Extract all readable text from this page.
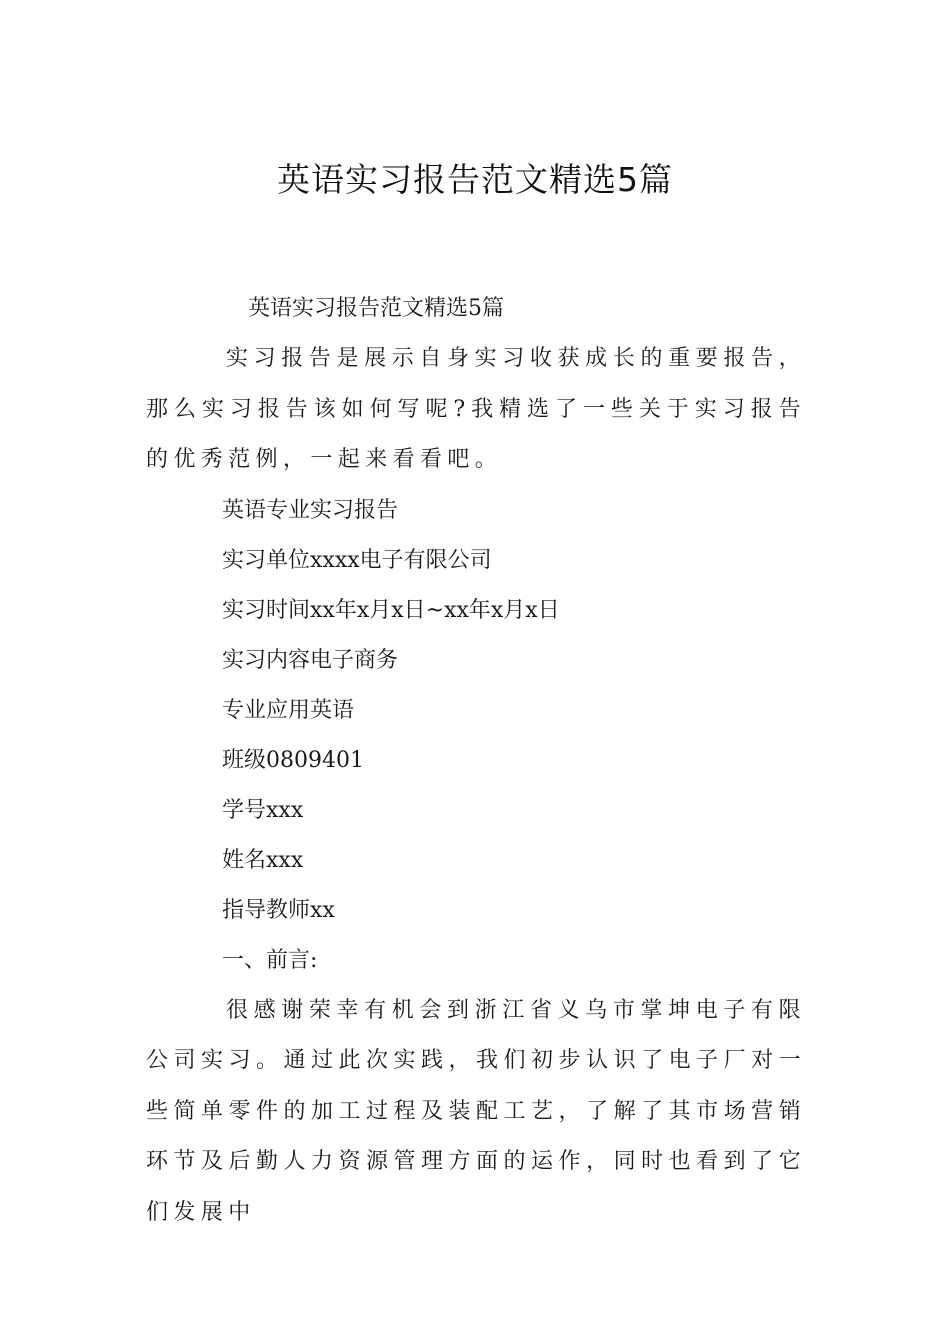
英语实习报告范文精选5篇

英语实习报告范文精选5篇

实习报告是展示自身实习收获成长的重要报告，那么实习报告该如何写呢?我精选了一些关于实习报告的优秀范例，一起来看看吧。

英语专业实习报告

实习单位xxxx电子有限公司

实习时间xx年x月x日~xx年x月x日

实习内容电子商务

专业应用英语

班级0809401

学号xxx

姓名xxx

指导教师xx

一、前言:

很感谢荣幸有机会到浙江省义乌市掌坤电子有限公司实习。通过此次实践，我们初步认识了电子厂对一些简单零件的加工过程及装配工艺，了解了其市场营销环节及后勤人力资源管理方面的运作，同时也看到了它们发展中
